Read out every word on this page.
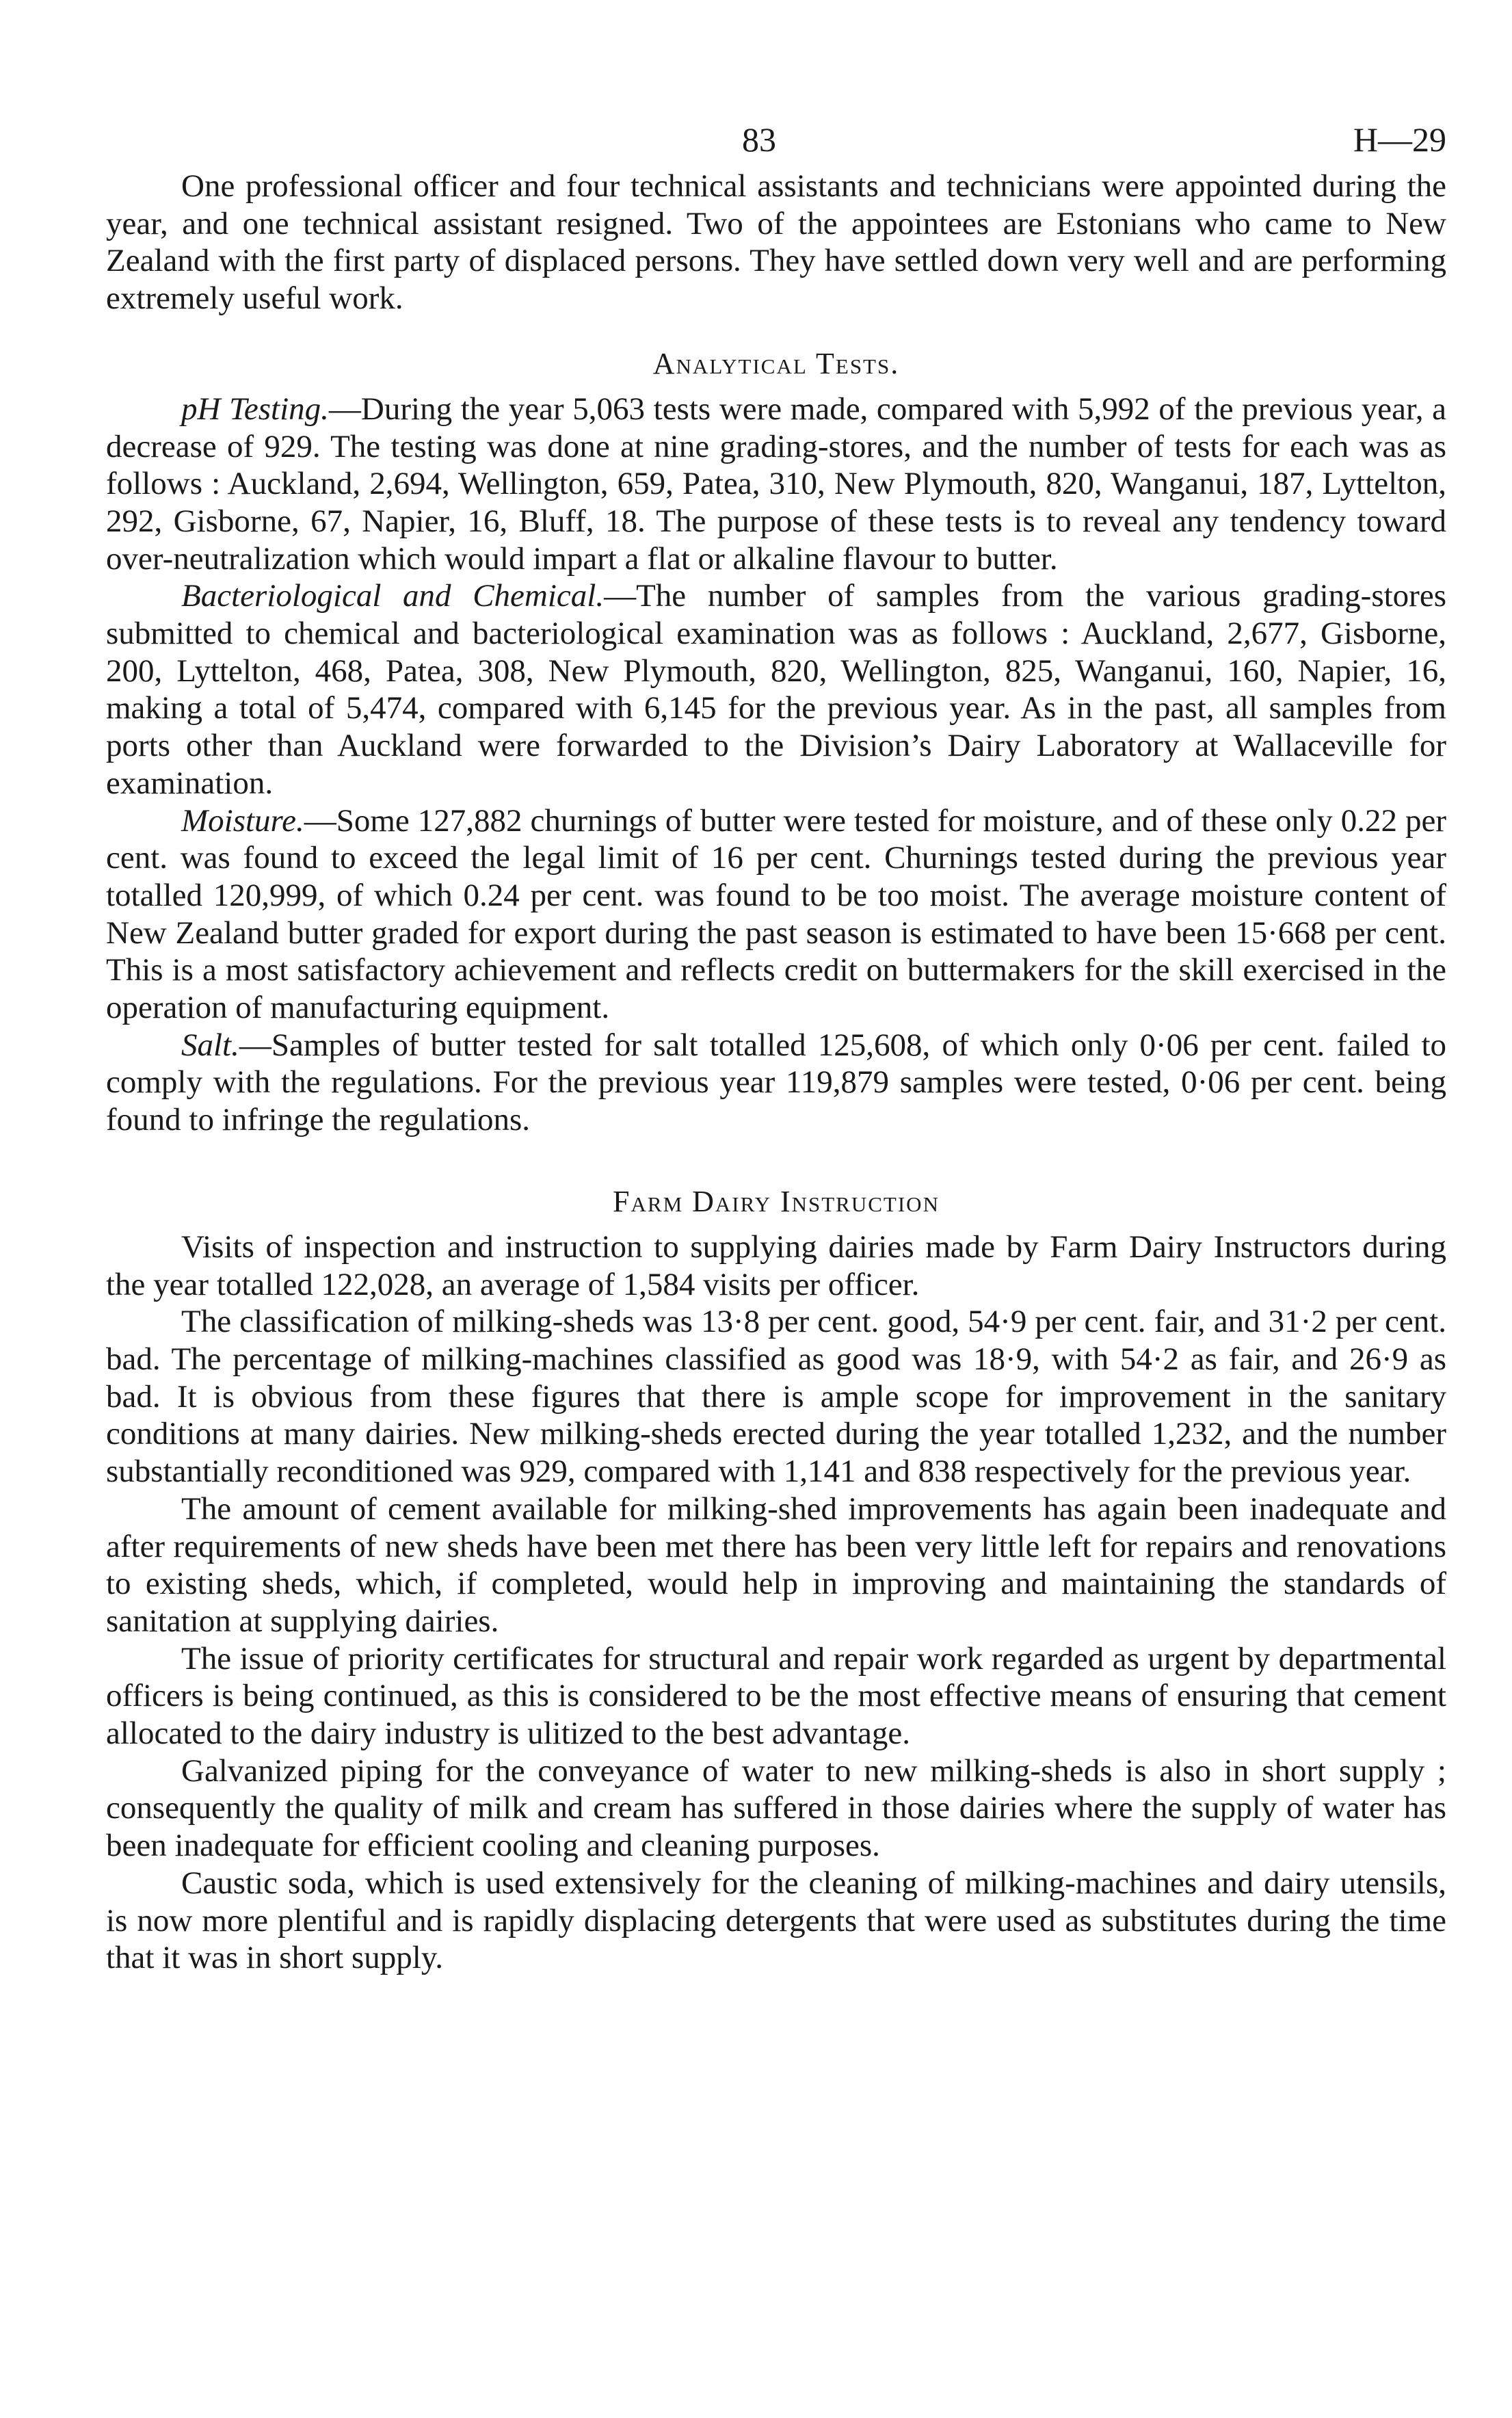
83	H—29

One professional officer and four technical assistants and technicians were appointed during the year, and one technical assistant resigned. Two of the appointees are Estonians who came to New Zealand with the first party of displaced persons. They have settled down very well and are performing extremely useful work.

Analytical Tests.

pH Testing.—During the year 5,063 tests were made, compared with 5,992 of the previous year, a decrease of 929. The testing was done at nine grading-stores, and the number of tests for each was as follows : Auckland, 2,694, Wellington, 659, Patea, 310, New Plymouth, 820, Wanganui, 187, Lyttelton, 292, Gisborne, 67, Napier, 16, Bluff, 18. The purpose of these tests is to reveal any tendency toward over-neutralization which would impart a flat or alkaline flavour to butter.

Bacteriological and Chemical.—The number of samples from the various grading-stores submitted to chemical and bacteriological examination was as follows : Auckland, 2,677, Gisborne, 200, Lyttelton, 468, Patea, 308, New Plymouth, 820, Wellington, 825, Wanganui, 160, Napier, 16, making a total of 5,474, compared with 6,145 for the previous year. As in the past, all samples from ports other than Auckland were forwarded to the Division’s Dairy Laboratory at Wallaceville for examination.

Moisture.—Some 127,882 churnings of butter were tested for moisture, and of these only 0.22 per cent. was found to exceed the legal limit of 16 per cent. Churnings tested during the previous year totalled 120,999, of which 0.24 per cent. was found to be too moist. The average moisture content of New Zealand butter graded for export during the past season is estimated to have been 15·668 per cent. This is a most satisfactory achievement and reflects credit on buttermakers for the skill exercised in the operation of manufacturing equipment.

Salt.—Samples of butter tested for salt totalled 125,608, of which only 0·06 per cent. failed to comply with the regulations. For the previous year 119,879 samples were tested, 0·06 per cent. being found to infringe the regulations.

Farm Dairy Instruction

Visits of inspection and instruction to supplying dairies made by Farm Dairy Instructors during the year totalled 122,028, an average of 1,584 visits per officer.

The classification of milking-sheds was 13·8 per cent. good, 54·9 per cent. fair, and 31·2 per cent. bad. The percentage of milking-machines classified as good was 18·9, with 54·2 as fair, and 26·9 as bad. It is obvious from these figures that there is ample scope for improvement in the sanitary conditions at many dairies. New milking-sheds erected during the year totalled 1,232, and the number substantially reconditioned was 929, compared with 1,141 and 838 respectively for the previous year.

The amount of cement available for milking-shed improvements has again been inadequate and after requirements of new sheds have been met there has been very little left for repairs and renovations to existing sheds, which, if completed, would help in improving and maintaining the standards of sanitation at supplying dairies.

The issue of priority certificates for structural and repair work regarded as urgent by departmental officers is being continued, as this is considered to be the most effective means of ensuring that cement allocated to the dairy industry is ulitized to the best advantage.

Galvanized piping for the conveyance of water to new milking-sheds is also in short supply ; consequently the quality of milk and cream has suffered in those dairies where the supply of water has been inadequate for efficient cooling and cleaning purposes.

Caustic soda, which is used extensively for the cleaning of milking-machines and dairy utensils, is now more plentiful and is rapidly displacing detergents that were used as substitutes during the time that it was in short supply.
